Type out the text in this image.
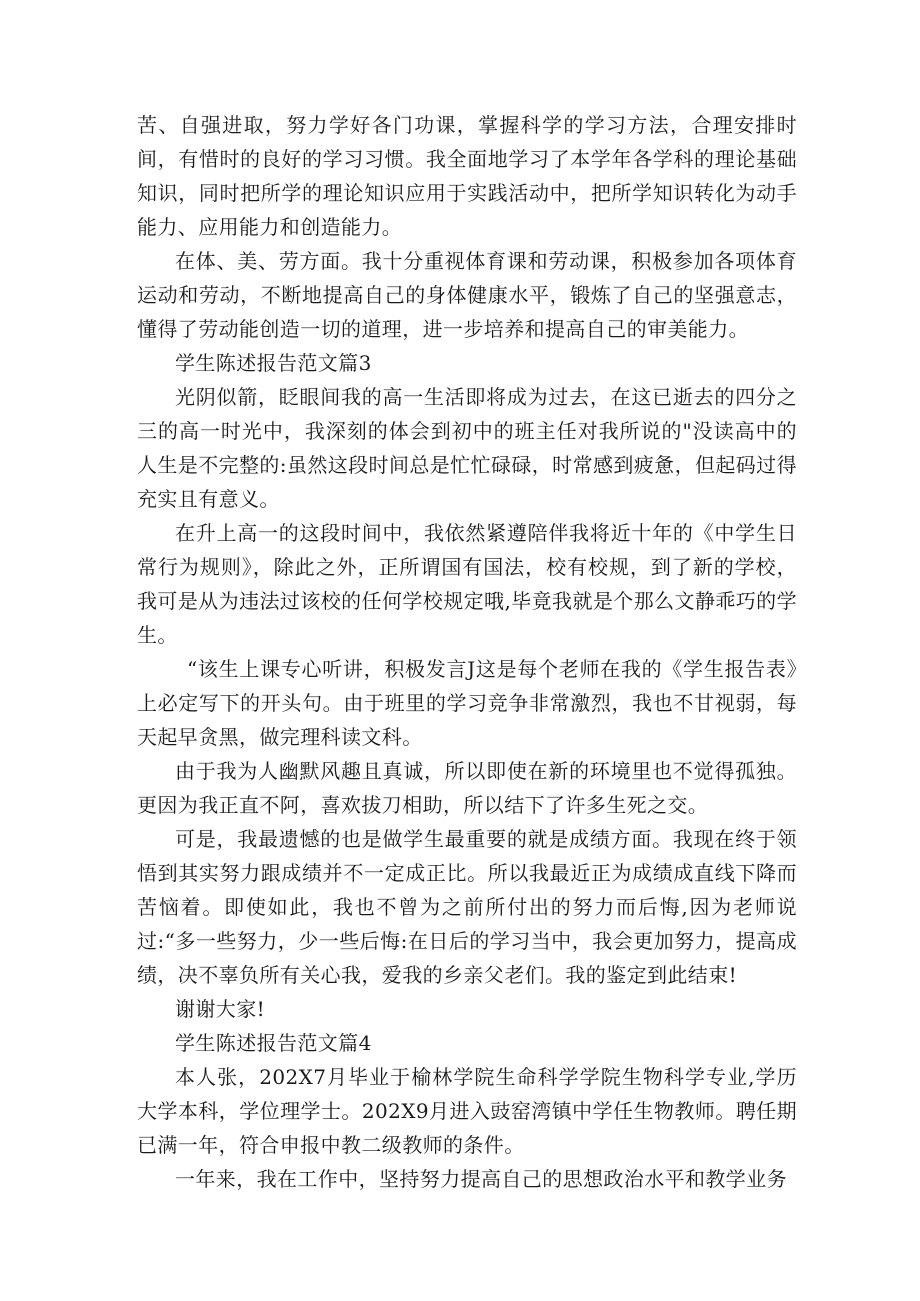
苦、自强进取，努力学好各门功课，掌握科学的学习方法，合理安排时间，有惜时的良好的学习习惯。我全面地学习了本学年各学科的理论基础知识，同时把所学的理论知识应用于实践活动中，把所学知识转化为动手能力、应用能力和创造能力。

在体、美、劳方面。我十分重视体育课和劳动课，积极参加各项体育运动和劳动，不断地提高自己的身体健康水平，锻炼了自己的坚强意志，懂得了劳动能创造一切的道理，进一步培养和提高自己的审美能力。

学生陈述报告范文篇3

光阴似箭，眨眼间我的高一生活即将成为过去，在这已逝去的四分之三的高一时光中，我深刻的体会到初中的班主任对我所说的"没读高中的人生是不完整的:虽然这段时间总是忙忙碌碌，时常感到疲惫，但起码过得充实且有意义。

在升上高一的这段时间中，我依然紧遵陪伴我将近十年的《中学生日常行为规则》，除此之外，正所谓国有国法，校有校规，到了新的学校，我可是从为违法过该校的任何学校规定哦,毕竟我就是个那么文静乖巧的学生。

“该生上课专心听讲，积极发言J这是每个老师在我的《学生报告表》上必定写下的开头句。由于班里的学习竞争非常激烈，我也不甘视弱，每天起早贪黑，做完理科读文科。

由于我为人幽默风趣且真诚，所以即使在新的环境里也不觉得孤独。更因为我正直不阿，喜欢拔刀相助，所以结下了许多生死之交。

可是，我最遗憾的也是做学生最重要的就是成绩方面。我现在终于领悟到其实努力跟成绩并不一定成正比。所以我最近正为成绩成直线下降而苦恼着。即使如此，我也不曾为之前所付出的努力而后悔,因为老师说过:“多一些努力，少一些后悔:在日后的学习当中，我会更加努力，提高成绩，决不辜负所有关心我，爱我的乡亲父老们。我的鉴定到此结束!

谢谢大家!

学生陈述报告范文篇4

本人张，202X7月毕业于榆林学院生命科学学院生物科学专业,学历大学本科，学位理学士。202X9月进入豉窑湾镇中学任生物教师。聘任期已满一年，符合申报中教二级教师的条件。

一年来，我在工作中，坚持努力提高自己的思想政治水平和教学业务
